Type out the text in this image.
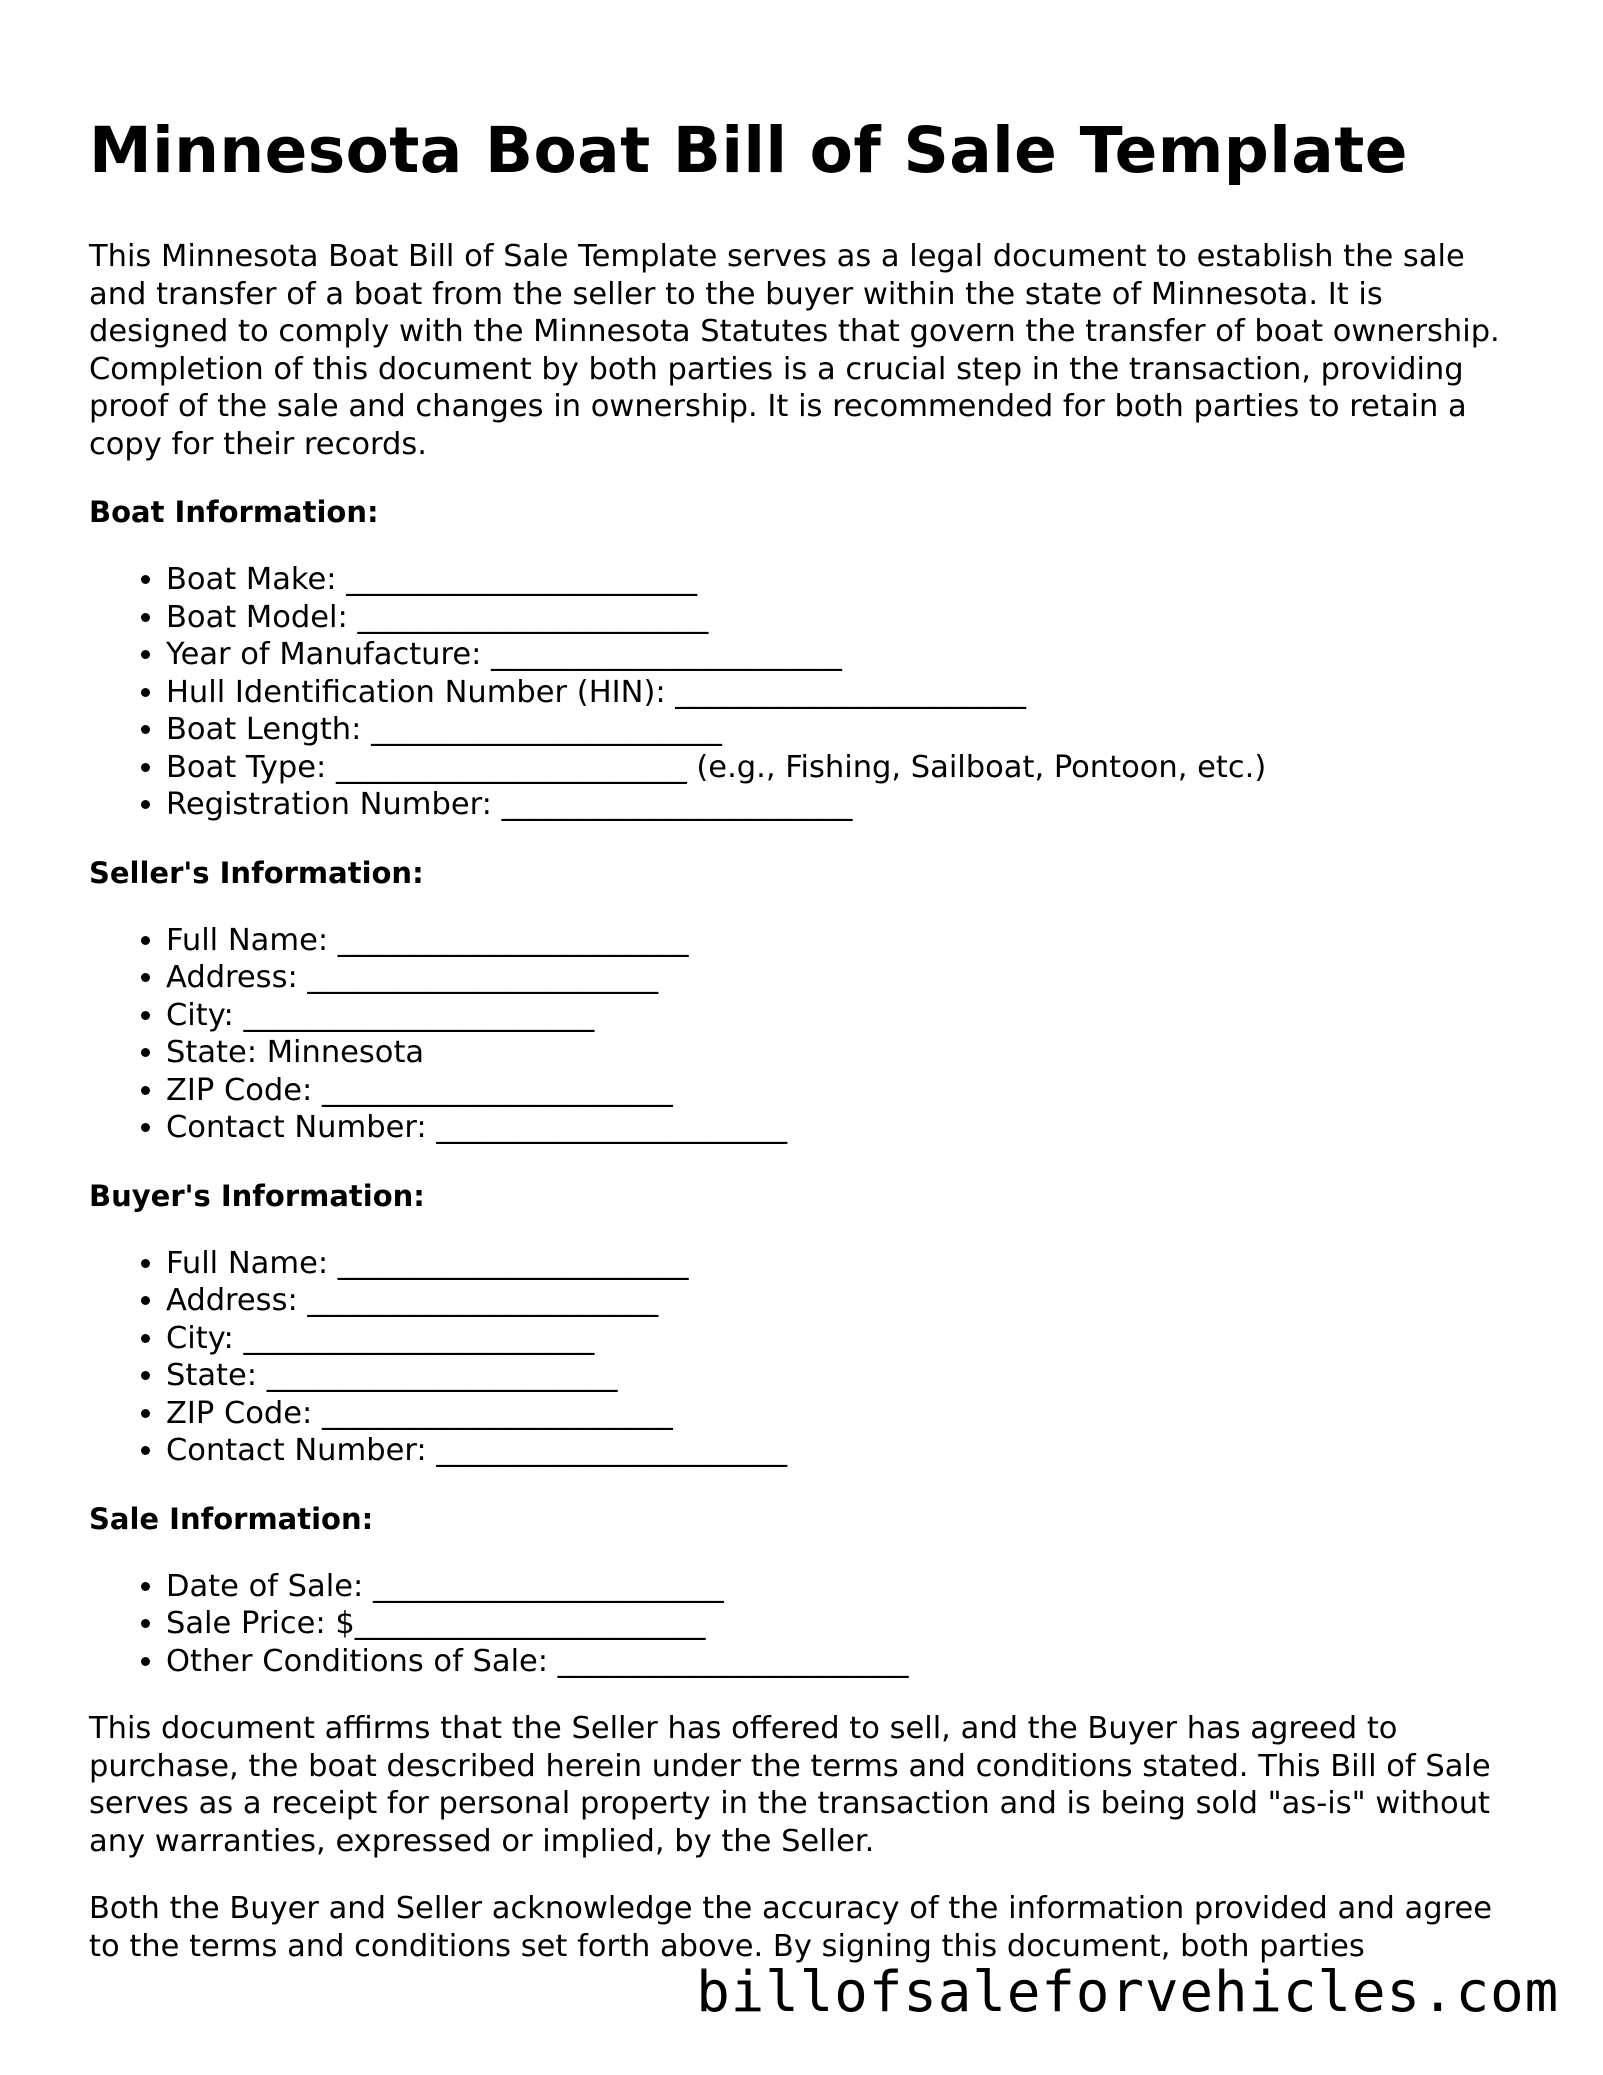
Minnesota Boat Bill of Sale Template

This Minnesota Boat Bill of Sale Template serves as a legal document to establish the sale and transfer of a boat from the seller to the buyer within the state of Minnesota. It is designed to comply with the Minnesota Statutes that govern the transfer of boat ownership. Completion of this document by both parties is a crucial step in the transaction, providing proof of the sale and changes in ownership. It is recommended for both parties to retain a copy for their records.

Boat Information:
• Boat Make: _______________________
• Boat Model: _______________________
• Year of Manufacture: _______________________
• Hull Identification Number (HIN): _______________________
• Boat Length: _______________________
• Boat Type: _______________________ (e.g., Fishing, Sailboat, Pontoon, etc.)
• Registration Number: _______________________
Seller's Information:
• Full Name: _______________________
• Address: _______________________
• City: _______________________
• State: Minnesota
• ZIP Code: _______________________
• Contact Number: _______________________
Buyer's Information:
• Full Name: _______________________
• Address: _______________________
• City: _______________________
• State: _______________________
• ZIP Code: _______________________
• Contact Number: _______________________
Sale Information:
• Date of Sale: _______________________
• Sale Price: $_______________________
• Other Conditions of Sale: _______________________

This document affirms that the Seller has offered to sell, and the Buyer has agreed to purchase, the boat described herein under the terms and conditions stated. This Bill of Sale serves as a receipt for personal property in the transaction and is being sold "as-is" without any warranties, expressed or implied, by the Seller.

Both the Buyer and Seller acknowledge the accuracy of the information provided and agree to the terms and conditions set forth above. By signing this document, both parties

billofsaleforvehicles.com
